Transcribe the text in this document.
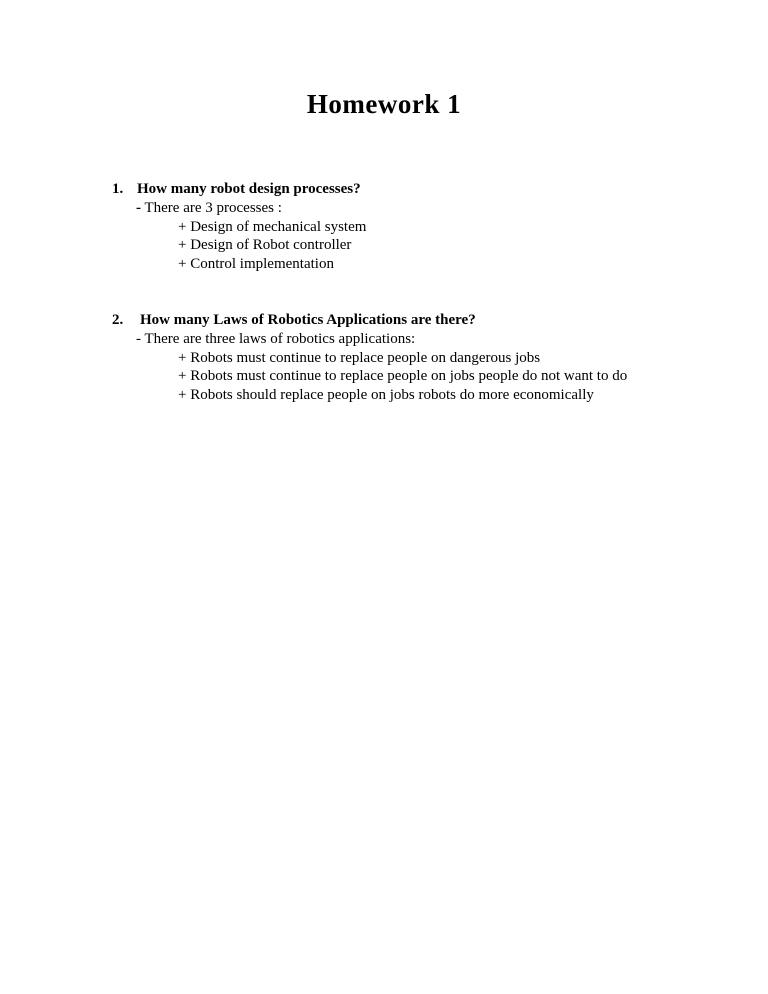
Homework 1
1. How many robot design processes?
- There are 3 processes :
+ Design of mechanical system
+ Design of Robot controller
+ Control implementation
2.	How many Laws of Robotics Applications are there?
- There are three laws of robotics applications:
+ Robots must continue to replace people on dangerous jobs
+ Robots must continue to replace people on jobs people do not want to do
+ Robots should replace people on jobs robots do more economically
